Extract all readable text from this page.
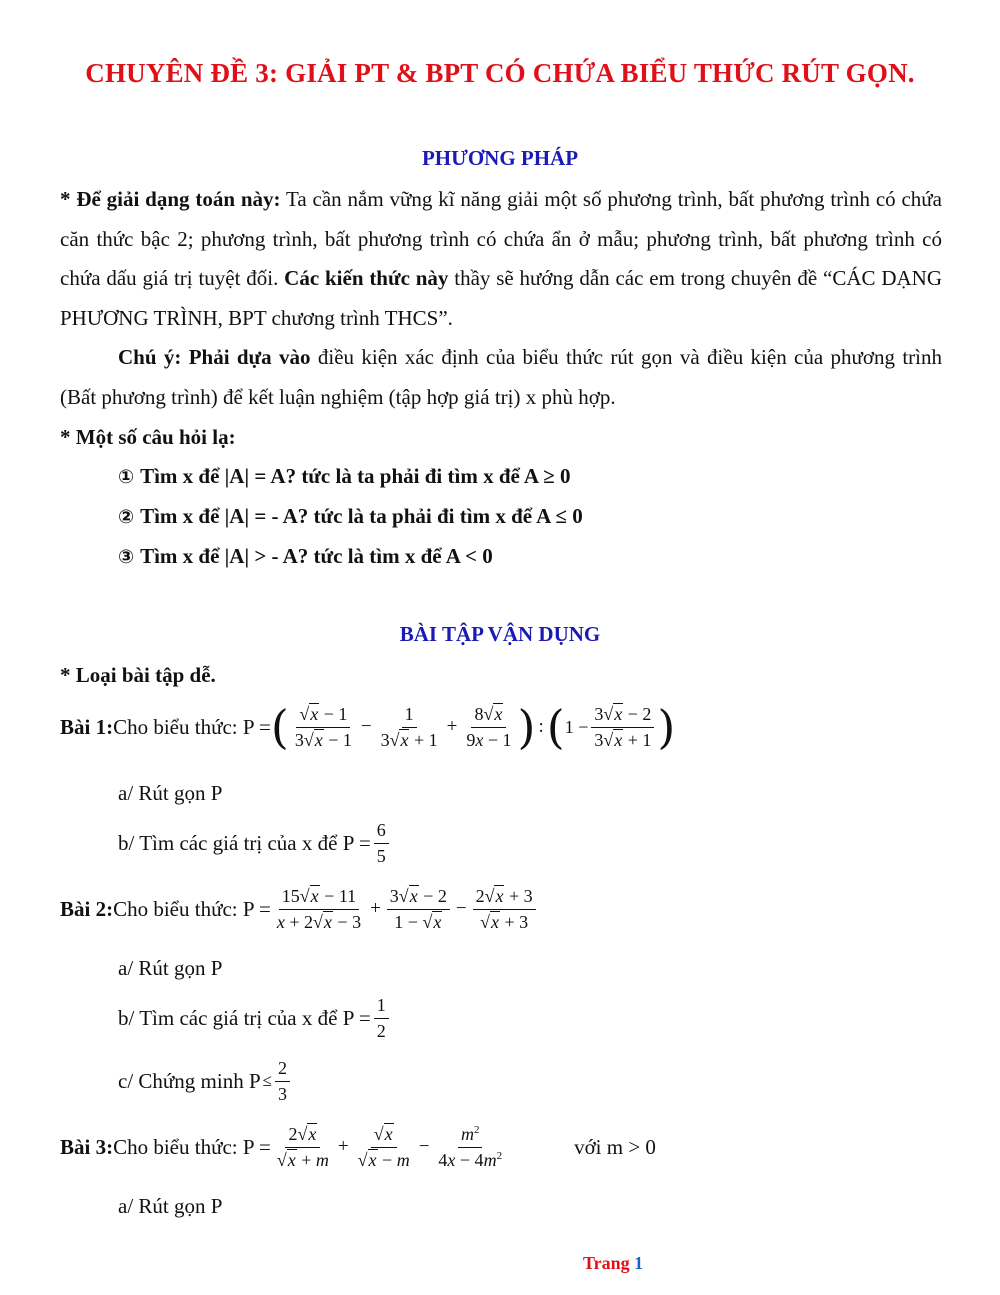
CHUYÊN ĐỀ 3: GIẢI PT & BPT CÓ CHỨA BIỂU THỨC RÚT GỌN.
PHƯƠNG PHÁP
* Để giải dạng toán này: Ta cần nắm vững kĩ năng giải một số phương trình, bất phương trình có chứa căn thức bậc 2; phương trình, bất phương trình có chứa ẩn ở mẫu; phương trình, bất phương trình có chứa dấu giá trị tuyệt đối. Các kiến thức này thầy sẽ hướng dẫn các em trong chuyên đề “CÁC DẠNG PHƯƠNG TRÌNH, BPT chương trình THCS”.
Chú ý: Phải dựa vào điều kiện xác định của biểu thức rút gọn và điều kiện của phương trình (Bất phương trình) để kết luận nghiệm (tập hợp giá trị) x phù hợp.
* Một số câu hỏi lạ:
① Tìm x để |A| = A? tức là ta phải đi tìm x để A ≥ 0
② Tìm x để |A| = - A? tức là ta phải đi tìm x để A ≤ 0
③ Tìm x để |A| > - A? tức là tìm x để A < 0
BÀI TẬP VẬN DỤNG
* Loại bài tập dễ.
Bài 1: Cho biểu thức: P = ( $\frac{√x - 1}{3√x - 1} - \frac{1}{3√x + 1} + \frac{8√x}{9x - 1}$ ) : ( $1 - \frac{3√x - 2}{3√x + 1}$ )
a/ Rút gọn P
b/ Tìm các giá trị của x để $P = \frac{6}{5}$
Bài 2: Cho biểu thức: $P = \frac{15√x - 11}{x + 2√x - 3} + \frac{3√x - 2}{1 - √x} - \frac{2√x + 3}{√x + 3}$
a/ Rút gọn P
b/ Tìm các giá trị của x để $P = \frac{1}{2}$
c/ Chứng minh $P \le \frac{2}{3}$
Bài 3: Cho biểu thức: $P = \frac{2√x}{√x + m} + \frac{√x}{√x - m} - \frac{m^2}{4x - 4m^2}$	với m > 0
a/ Rút gọn P
Trang 1
